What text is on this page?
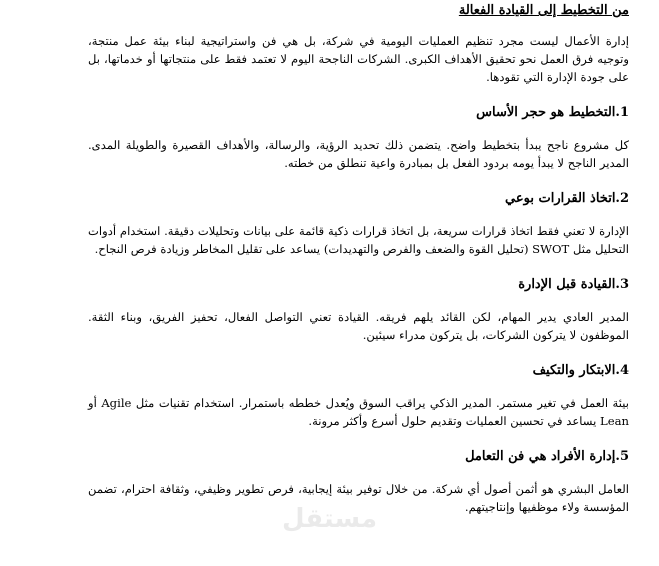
من التخطيط إلى القيادة الفعالة

إدارة الأعمال ليست مجرد تنظيم العمليات اليومية في شركة، بل هي فن واستراتيجية لبناء بيئة عمل منتجة، وتوجيه فرق العمل نحو تحقيق الأهداف الكبرى. الشركات الناجحة اليوم لا تعتمد فقط على منتجاتها أو خدماتها، بل على جودة الإدارة التي تقودها.

1.التخطيط هو حجر الأساس

كل مشروع ناجح يبدأ بتخطيط واضح. يتضمن ذلك تحديد الرؤية، والرسالة، والأهداف القصيرة والطويلة المدى. المدير الناجح لا يبدأ يومه بردود الفعل بل بمبادرة واعية تنطلق من خطته.

2.اتخاذ القرارات بوعي

الإدارة لا تعني فقط اتخاذ قرارات سريعة، بل اتخاذ قرارات ذكية قائمة على بيانات وتحليلات دقيقة. استخدام أدوات التحليل مثل SWOT (تحليل القوة والضعف والفرص والتهديدات) يساعد على تقليل المخاطر وزيادة فرص النجاح.

3.القيادة قبل الإدارة

المدير العادي يدير المهام، لكن القائد يلهم فريقه. القيادة تعني التواصل الفعال، تحفيز الفريق، وبناء الثقة. الموظفون لا يتركون الشركات، بل يتركون مدراء سيئين.

4.الابتكار والتكيف

بيئة العمل في تغير مستمر. المدير الذكي يراقب السوق ويُعدل خططه باستمرار. استخدام تقنيات مثل Agile أو Lean يساعد في تحسين العمليات وتقديم حلول أسرع وأكثر مرونة.

5.إدارة الأفراد هي فن التعامل

العامل البشري هو أثمن أصول أي شركة. من خلال توفير بيئة إيجابية، فرص تطوير وظيفي، وثقافة احترام، تضمن المؤسسة ولاء موظفيها وإنتاجيتهم.

مستقل
